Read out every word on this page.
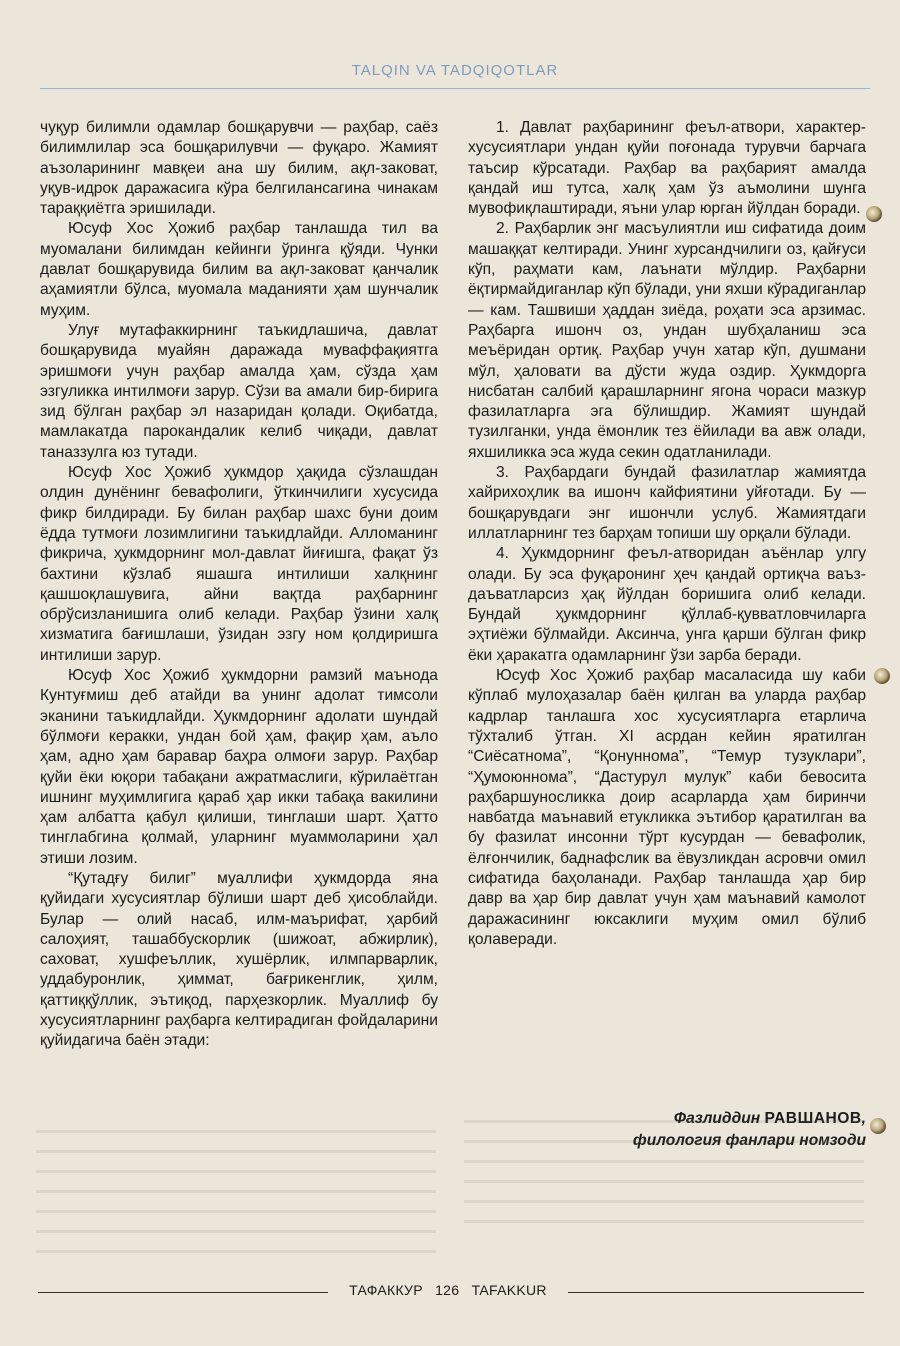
TALQIN VA TADQIQOTLAR

чуқур билимли одамлар бошқарувчи — раҳбар, саёз билимлилар эса бошқарилувчи — фуқаро. Жамият аъзоларининг мавқеи ана шу билим, ақл-заковат, уқув-идрок даражасига кўра белгилансагина чинакам тараққиётга эришилади.

Юсуф Хос Ҳожиб раҳбар танлашда тил ва муомалани билимдан кейинги ўринга қўяди. Чунки давлат бошқарувида билим ва ақл-заковат қанчалик аҳамиятли бўлса, муомала маданияти ҳам шунчалик муҳим.

Улуғ мутафаккирнинг таъкидлашича, давлат бошқарувида муайян даражада муваффақиятга эришмоғи учун раҳбар амалда ҳам, сўзда ҳам эзгуликка интилмоғи зарур. Сўзи ва амали бир-бирига зид бўлган раҳбар эл назаридан қолади. Оқибатда, мамлакатда парокандалик келиб чиқади, давлат таназзулга юз тутади.

Юсуф Хос Ҳожиб ҳукмдор ҳақида сўзлашдан олдин дунёнинг бевафолиги, ўткинчилиги хусусида фикр билдиради. Бу билан раҳбар шахс буни доим ёдда тутмоғи лозимлигини таъкидлайди. Алломанинг фикрича, ҳукмдорнинг мол-давлат йиғишга, фақат ўз бахтини кўзлаб яшашга интилиши халқнинг қашшоқлашувига, айни вақтда раҳбарнинг обрўсизланишига олиб келади. Раҳбар ўзини халқ хизматига бағишлаши, ўзидан эзгу ном қолдиришга интилиши зарур.

Юсуф Хос Ҳожиб ҳукмдорни рамзий маънода Кунтуғмиш деб атайди ва унинг адолат тимсоли эканини таъкидлайди. Ҳукмдорнинг адолати шундай бўлмоғи керакки, ундан бой ҳам, фақир ҳам, аъло ҳам, адно ҳам баравар баҳра олмоғи зарур. Раҳбар қуйи ёки юқори табақани ажратмаслиги, кўрилаётган ишнинг муҳимлигига қараб ҳар икки табақа вакилини ҳам албатта қабул қилиши, тинглаши шарт. Ҳатто тинглабгина қолмай, уларнинг муаммоларини ҳал этиши лозим.

“Қутадғу билиг” муаллифи ҳукмдорда яна қуйидаги хусусиятлар бўлиши шарт деб ҳисоблайди. Булар — олий насаб, илм-маърифат, ҳарбий салоҳият, ташаббускорлик (шижоат, абжирлик), саховат, хушфеъллик, хушёрлик, илмпарварлик, уддабуронлик, ҳиммат, бағрикенглик, ҳилм, қаттиққўллик, эътиқод, парҳезкорлик. Муаллиф бу хусусиятларнинг раҳбарга келтирадиган фойдаларини қуйидагича баён этади:

1. Давлат раҳбарининг феъл-атвори, характер-хусусиятлари ундан қуйи поғонада турувчи барчага таъсир кўрсатади. Раҳбар ва раҳбарият амалда қандай иш тутса, халқ ҳам ўз аъмолини шунга мувофиқлаштиради, яъни улар юрган йўлдан боради.

2. Раҳбарлик энг масъулиятли иш сифатида доим машаққат келтиради. Унинг хурсандчилиги оз, қайғуси кўп, раҳмати кам, лаънати мўлдир. Раҳбарни ёқтирмайдиганлар кўп бўлади, уни яхши кўрадиганлар — кам. Ташвиши ҳаддан зиёда, роҳати эса арзимас. Раҳбарга ишонч оз, ундан шубҳаланиш эса меъёридан ортиқ. Раҳбар учун хатар кўп, душмани мўл, ҳаловати ва дўсти жуда оздир. Ҳукмдорга нисбатан салбий қарашларнинг ягона чораси мазкур фазилатларга эга бўлишдир. Жамият шундай тузилганки, унда ёмонлик тез ёйилади ва авж олади, яхшиликка эса жуда секин одатланилади.

3. Раҳбардаги бундай фазилатлар жамиятда хайрихоҳлик ва ишонч кайфиятини уйғотади. Бу — бошқарувдаги энг ишончли услуб. Жамиятдаги иллатларнинг тез барҳам топиши шу орқали бўлади.

4. Ҳукмдорнинг феъл-атворидан аъёнлар улгу олади. Бу эса фуқаронинг ҳеч қандай ортиқча ваъз-даъватларсиз ҳақ йўлдан боришига олиб келади. Бундай ҳукмдорнинг қўллаб-қувватловчиларга эҳтиёжи бўлмайди. Аксинча, унга қарши бўлган фикр ёки ҳаракатга одамларнинг ўзи зарба беради.

Юсуф Хос Ҳожиб раҳбар масаласида шу каби кўплаб мулоҳазалар баён қилган ва уларда раҳбар кадрлар танлашга хос хусусиятларга етарлича тўхталиб ўтган. XI асрдан кейин яратилган “Сиёсатнома”, “Қонуннома”, “Темур тузуклари”, “Ҳумоюннома”, “Дастурул мулук” каби бевосита раҳбаршуносликка доир асарларда ҳам биринчи навбатда маънавий етукликка эътибор қаратилган ва бу фазилат инсонни тўрт кусурдан — бевафолик, ёлғончилик, баднафслик ва ёвузликдан асровчи омил сифатида баҳоланади. Раҳбар танлашда ҳар бир давр ва ҳар бир давлат учун ҳам маънавий камолот даражасининг юксаклиги муҳим омил бўлиб қолаверади.

Фазлиддин РАВШАНОВ,
филология фанлари номзоди
ТАФАККУР 126 TAFAKKUR
